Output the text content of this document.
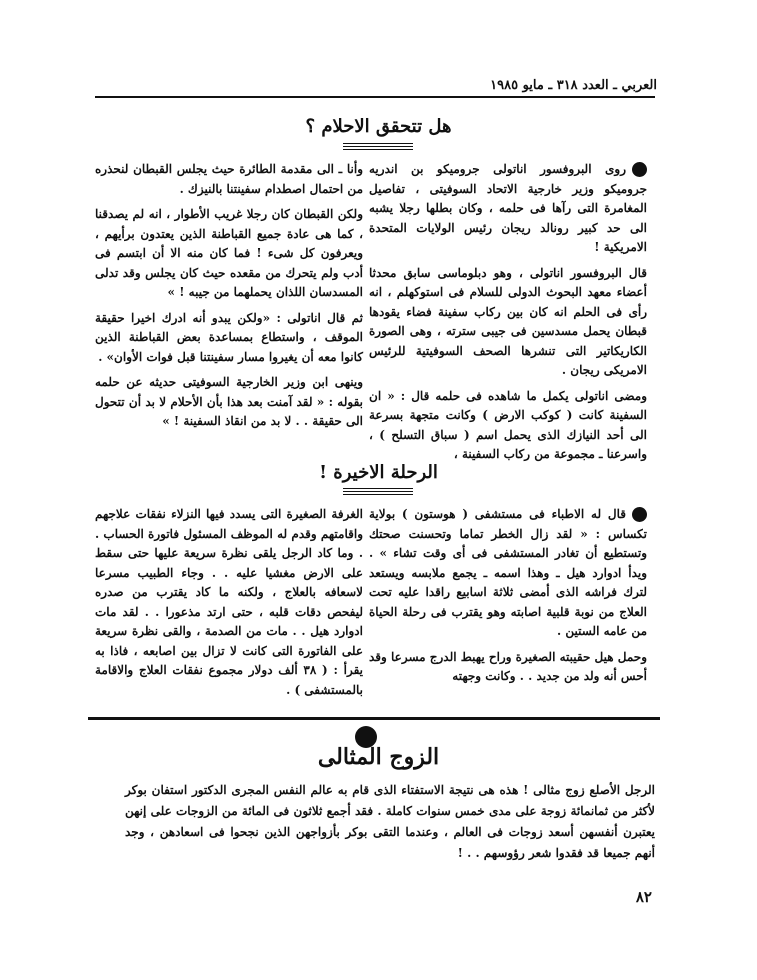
العربي ـ العدد ٣١٨ ـ مايو ١٩٨٥
هل تتحقق الاحلام ؟

روى البروفسور اناتولى جروميكو بن اندريه جروميكو وزير خارجية الاتحاد السوفيتى ، تفاصيل المغامرة التى رآها فى حلمه ، وكان بطلها رجلا يشبه الى حد كبير رونالد ريجان رئيس الولايات المتحدة الامريكية !

قال البروفسور اناتولى ، وهو دبلوماسى سابق محدثا أعضاء معهد البحوث الدولى للسلام فى استوكهلم ، انه رأى فى الحلم انه كان بين ركاب سفينة فضاء يقودها قبطان يحمل مسدسين فى جيبى سترته ، وهى الصورة الكاريكاتير التى تنشرها الصحف السوفيتية للرئيس الامريكى ريجان .

ومضى اناتولى يكمل ما شاهده فى حلمه قال : « ان السفينة كانت ( كوكب الارض ) وكانت متجهة بسرعة الى أحد النيازك الذى يحمل اسم ( سباق التسلح ) ، واسرعنا ـ مجموعة من ركاب السفينة ،

وأنا ـ الى مقدمة الطائرة حيث يجلس القبطان لنحذره من احتمال اصطدام سفينتنا بالنيزك .

ولكن القبطان كان رجلا غريب الأطوار ، انه لم يصدقنا ، كما هى عادة جميع القباطنة الذين يعتدون برأيهم ، ويعرفون كل شىء ! فما كان منه الا أن ابتسم فى أدب ولم يتحرك من مقعده حيث كان يجلس وقد تدلى المسدسان اللذان يحملهما من جيبه ! »

ثم قال اناتولى : «ولكن يبدو أنه ادرك اخيرا حقيقة الموقف ، واستطاع بمساعدة بعض القباطنة الذين كانوا معه أن يغيروا مسار سفينتنا قبل فوات الأوان» .

وينهى ابن وزير الخارجية السوفيتى حديثه عن حلمه بقوله : « لقد آمنت بعد هذا بأن الأحلام لا بد أن تتحول الى حقيقة . . لا بد من انقاذ السفينة ! »

الرحلة الاخيرة !

قال له الاطباء فى مستشفى ( هوستون ) بولاية تكساس : « لقد زال الخطر تماما وتحسنت صحتك وتستطيع أن تغادر المستشفى فى أى وقت تشاء » . ويدأ ادوارد هيل ـ وهذا اسمه ـ يجمع ملابسه ويستعد لترك فراشه الذى أمضى ثلاثة اسابيع راقدا عليه تحت العلاج من نوبة قلبية اصابته وهو يقترب فى رحلة الحياة من عامه الستين .

وحمل هيل حقيبته الصغيرة وراح يهبط الدرج مسرعا وقد أحس أنه ولد من جديد . . وكانت وجهته

الغرفة الصغيرة التى يسدد فيها النزلاء نفقات علاجهم واقامتهم وقدم له الموظف المسئول فاتورة الحساب . . وما كاد الرجل يلقى نظرة سريعة عليها حتى سقط على الارض مغشيا عليه . . وجاء الطبيب مسرعا لاسعافه بالعلاج ، ولكنه ما كاد يقترب من صدره ليفحص دقات قلبه ، حتى ارتد مذعورا . . لقد مات ادوارد هيل . . مات من الصدمة ، والقى نظرة سريعة على الفاتورة التى كانت لا تزال بين اصابعه ، فاذا به يقرأ : ( ٣٨ ألف دولار مجموع نفقات العلاج والاقامة بالمستشفى ) .

الزوج المثالى

الرجل الأصلع زوج مثالى ! هذه هى نتيجة الاستفتاء الذى قام به عالم النفس المجرى الدكتور استفان بوكر لأكثر من ثمانمائة زوجة على مدى خمس سنوات كاملة . فقد أجمع ثلاثون فى المائة من الزوجات على إنهن يعتبرن أنفسهن أسعد زوجات فى العالم ، وعندما التقى بوكر بأزواجهن الذين نجحوا فى اسعادهن ، وجد أنهم جميعا قد فقدوا شعر رؤوسهم . . !

٨٢
